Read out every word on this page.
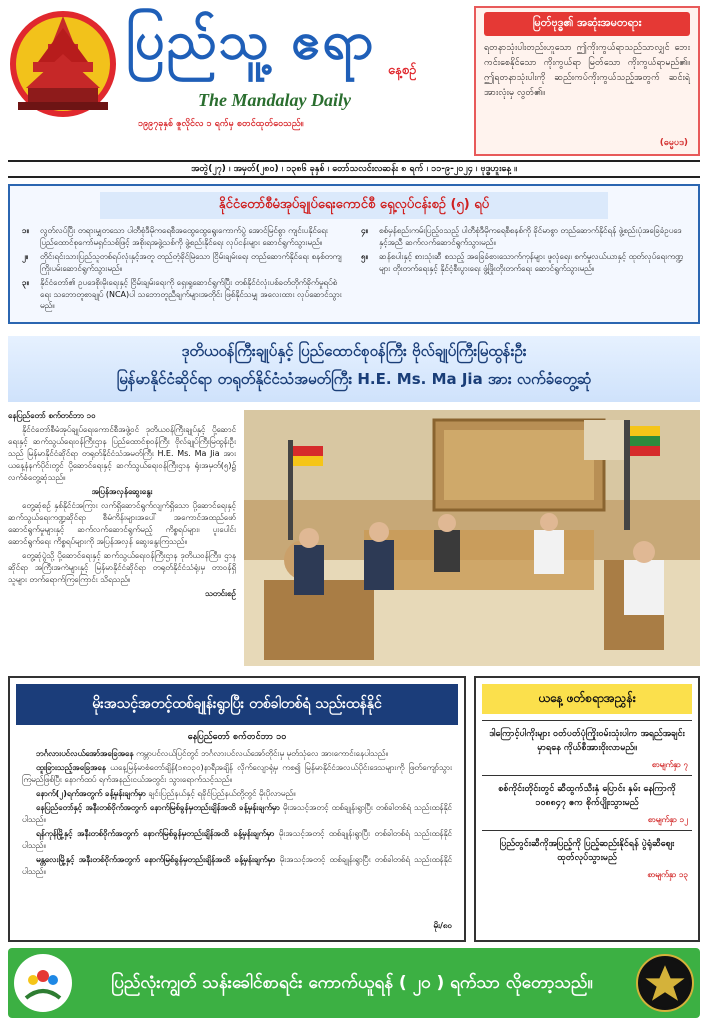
ပြည်သူ့ ဧရာ နေ့စဉ်
The Mandalay Daily
၁၉၉၇ခုနှစ် ဇူလိုင်လ ၁ ရက်မှ စတင်ထုတ်ဝေသည်။
မြတ်ဗုဒ္ဓ၏ အဆုံးအမတရား
ရတနာသုံးပါးတည်းဟူသော ဤကိုးကွယ်ရာသည်သာလျှင် ဘေးကင်းစေနိုင်သော ကိုးကွယ်ရာ မြတ်သော ကိုးကွယ်ရာမည်၏။ ဤရတနာသုံးပါးကို ဆည်းကပ်ကိုးကွယ်သည့်အတွက် ဆင်းရဲအားလုံးမှ လွတ်၏။
(ဓမ္မပဒ)
အတွဲ(၂၇) ၊ အမှတ်(၂၈၀) ၊ ၁၃၈၆ ခုနှစ် ၊ တော်သလင်းလဆန်း ၈ ရက် ၊ ၁၁-၉-၂၀၂၄ ၊ ဗုဒ္ဓဟူးနေ့ ။
နိုင်ငံတော်စီမံအုပ်ချုပ်ရေးကောင်စီ ရှေ့လုပ်ငန်းစဉ် (၅) ရပ်
၁။	လွတ်လပ်ပြီး တရားမျှတသော ပါတီစုံဒီမိုကရေစီအထွေထွေရွေးကောက်ပွဲ အောင်မြင်စွာ ကျင်းပနိုင်ရေး ပြည်ထောင်စုကော်မရှင်သစ်ဖြင့် အစိုးရအဖွဲ့သစ်ကို ဖွဲ့စည်းနိုင်ရေး လုပ်ငန်းများ ဆောင်ရွက်သွားမည်။
၄။	စစ်မှန်စည်းကမ်းပြည့်ဝသည့် ပါတီစုံဒီမိုကရေစီစနစ်ကို ခိုင်မာစွာ တည်ဆောက်နိုင်ရန် ဖွဲ့စည်းပုံအခြေခံဥပဒေနှင့်အညီ ဆက်လက်ဆောင်ရွက်သွားမည်။
၂။	တိုင်းရင်းသားပြည်သူတစ်ရပ်လုံးနှင့်အတူ တည်တံ့ခိုင်မြဲသော ငြိမ်းချမ်းရေး တည်ဆောက်နိုင်ရေး စနစ်တကျ ကြိုးပမ်းဆောင်ရွက်သွားမည်။
၅။	ဆန်စပါးနှင့် စားသုံးဆီ စသည့် အခြေခံစားသောက်ကုန်များ ဖူလုံရေး၊ စက်မှုလယ်ယာနှင့် ထုတ်လုပ်ရေးကဏ္ဍများ တိုးတက်ရေးနှင့် နိုင်ငံ့စီးပွားရေး ဖွံ့ဖြိုးတိုးတက်ရေး ဆောင်ရွက်သွားမည်။
၃။	နိုင်ငံတော်၏ ဥပဒေစိုးမိုးရေးနှင့် ငြိမ်းချမ်းရေးကို ရှေးရှုဆောင်ရွက်ပြီး တစ်နိုင်ငံလုံးပစ်ခတ်တိုက်ခိုက်မှုရပ်စဲရေး သဘောတူစာချုပ် (NCA)ပါ သဘောတူညီချက်များအတိုင်း ဖြစ်နိုင်သမျှ အလေးထား လုပ်ဆောင်သွားမည်။
ဒုတိယဝန်ကြီးချုပ်နှင့် ပြည်ထောင်စုဝန်ကြီး ဗိုလ်ချုပ်ကြီးမြထွန်းဦး
မြန်မာနိုင်ငံဆိုင်ရာ တရုတ်နိုင်ငံသံအမတ်ကြီး H.E. Ms. Ma Jia အား လက်ခံတွေ့ဆုံ

နေပြည်တော် စက်တင်ဘာ ၁၀

နိုင်ငံတော်စီမံအုပ်ချုပ်ရေးကောင်စီအဖွဲ့ဝင် ဒုတိယဝန်ကြီးချုပ်နှင့် ပို့ဆောင်ရေးနှင့် ဆက်သွယ်ရေးဝန်ကြီးဌာန ပြည်ထောင်စုဝန်ကြီး ဗိုလ်ချုပ်ကြီးမြထွန်းဦးသည် မြန်မာနိုင်ငံဆိုင်ရာ တရုတ်နိုင်ငံသံအမတ်ကြီး H.E. Ms. Ma Jia အား ယနေ့နံနက်ပိုင်းတွင် ပို့ဆောင်ရေးနှင့် ဆက်သွယ်ရေးဝန်ကြီးဌာန ရုံးအမှတ်(၅)၌ လက်ခံတွေ့ဆုံသည်။

အပြန်အလှန်ဆွေးနွေး

တွေ့ဆုံစဉ် နှစ်နိုင်ငံအကြား လက်ရှိဆောင်ရွက်လျက်ရှိသော ပို့ဆောင်ရေးနှင့် ဆက်သွယ်ရေးကဏ္ဍဆိုင်ရာ စီမံကိန်းများအပေါ် အကောင်အထည်ဖော်ဆောင်ရွက်မှုများနှင့် ဆက်လက်ဆောင်ရွက်မည့် ကိစ္စရပ်များ၊ ပူးပေါင်းဆောင်ရွက်ရေး ကိစ္စရပ်များကို အပြန်အလှန် ဆွေးနွေးကြသည်။

တွေ့ဆုံပွဲသို့ ပို့ဆောင်ရေးနှင့် ဆက်သွယ်ရေးဝန်ကြီးဌာန ဒုတိယဝန်ကြီး၊ ဌာနဆိုင်ရာ အကြီးအကဲများနှင့် မြန်မာနိုင်ငံဆိုင်ရာ တရုတ်နိုင်ငံသံရုံးမှ တာဝန်ရှိသူများ တက်ရောက်ကြကြောင်း သိရသည်။

သတင်းစဉ်

မိုးအသင့်အတင့်ထစ်ချုန်းရွာပြီး တစ်ခါတစ်ရံ သည်းထန်နိုင်
နေပြည်တော် စက်တင်ဘာ ၁၀
ဘင်္ဂလားပင်လယ်အော်အခြေအနေ ကမ္ဘာပင်လယ်ပြင်တွင် ဘင်္ဂလားပင်လယ်အော်တိုင်းမှ မုတ်သုံလေ အားကောင်းနေပါသည်။
ထူးခြားသည့်အခြေအနေ ယနေ့မြန်မာစံတော်ချိန်(၁၈၁၃၀)နာရီအချိန် လိုက်လျောရုံမှ ကစ၍ မြန်မာနိုင်ငံအလယ်ပိုင်းဒေသများကို ဖြတ်ကျော်သွားကြမည်ဖြစ်ပြီး နောက်ထပ် ရက်အနည်းငယ်အတွင်း သွားရောက်သင့်သည်။
နောက်(၂)ရက်အတွက် ခန့်မှန်းချက်မှာ ချင်းပြည်နယ်နှင့် ရခိုင်ပြည်နယ်တို့တွင် မိုးပိုလာမည်။
နေပြည်တော်နှင့် အနီးတစ်ဝိုက်အတွက် နောက်မြစ်ခွန်မှတည်းချိန်အထိ ခန့်မှန်းချက်မှာ မိုးအသင့်အတင့် ထစ်ချုန်းရွာပြီး တစ်ခါတစ်ရံ သည်းထန်နိုင်ပါသည်။
ရန်ကုန်မြို့နှင့် အနီးတစ်ဝိုက်အတွက် နောက်မြစ်ခွန်မှတည်းချိန်အထိ ခန့်မှန်းချက်မှာ မိုးအသင့်အတင့် ထစ်ချုန်းရွာပြီး တစ်ခါတစ်ရံ သည်းထန်နိုင်ပါသည်။
မန္တလေးမြို့နှင့် အနီးတစ်ဝိုက်အတွက် နောက်မြစ်ခွန်မှတည်းချိန်အထိ ခန့်မှန်းချက်မှာ မိုးအသင့်အတင့် ထစ်ချုန်းရွာပြီး တစ်ခါတစ်ရံ သည်းထန်နိုင်ပါသည်။
မိုး/၈၀
ယနေ့ ဖတ်စရာအညွှန်း
ဒါကြောင့်ပါကိုးများ ဝတ်ပတ်ပုံကြိုးဝမ်းသုံးပါက အရည်အချင်းမှာရနေ ကိုယ်စီအားဝိုးလာမည်။
စာမျက်နှာ ၇
စစ်ကိုင်းတိုင်းတွင် ဆီထွက်သီးနှံ ပြောင်း နှမ်း နေကြာကို ၁၀၈၈၄၇ ဧက စိုက်ပျိုးသွားမည်
စာမျက်နှာ ၁၂
ပြည်တွင်းဆီကိုအပြည့်ကို ပြည့်ဆည်းနိုင်ရန် ပွဲရုံဆီဈေး ထုတ်လုပ်သွားမည်
စာမျက်နှာ ၁၃
ပြည်လုံးကျွတ် သန်းခေါင်စာရင်း ကောက်ယူရန် ( ၂၀ ) ရက်သာ လိုတော့သည်။
